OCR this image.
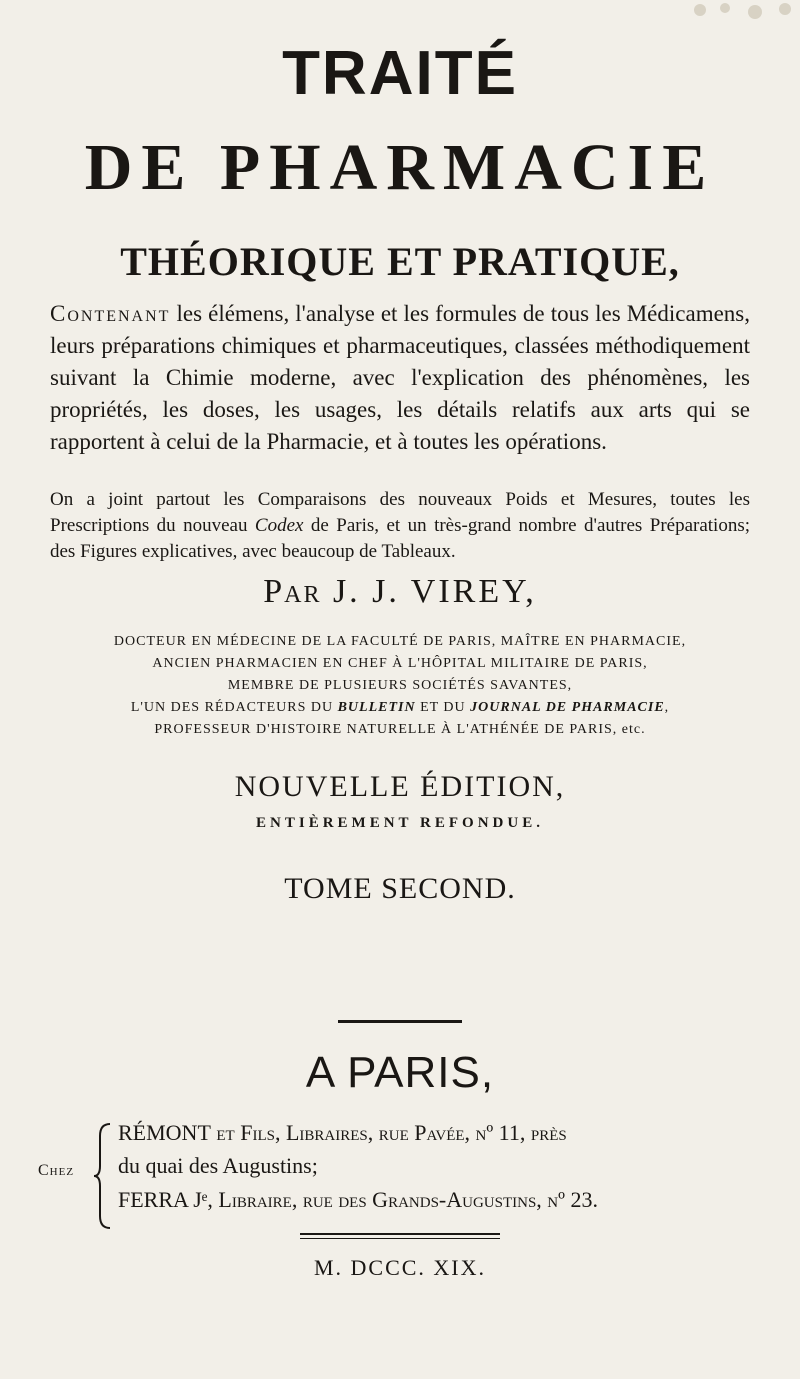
TRAITÉ
DE PHARMACIE
THÉORIQUE ET PRATIQUE,
Contenant les élémens, l'analyse et les formules de tous les Médicamens, leurs préparations chimiques et pharmaceutiques, classées méthodiquement suivant la Chimie moderne, avec l'explication des phénomènes, les propriétés, les doses, les usages, les détails relatifs aux arts qui se rapportent à celui de la Pharmacie, et à toutes les opérations.
On a joint partout les Comparaisons des nouveaux Poids et Mesures, toutes les Prescriptions du nouveau Codex de Paris, et un très-grand nombre d'autres Préparations; des Figures explicatives, avec beaucoup de Tableaux.
Par J. J. VIREY,
DOCTEUR EN MÉDECINE DE LA FACULTÉ DE PARIS, MAÎTRE EN PHARMACIE,
ANCIEN PHARMACIEN EN CHEF À L'HÔPITAL MILITAIRE DE PARIS,
MEMBRE DE PLUSIEURS SOCIÉTÉS SAVANTES,
L'UN DES RÉDACTEURS DU BULLETIN ET DU JOURNAL DE PHARMACIE,
PROFESSEUR D'HISTOIRE NATURELLE À L'ATHÉNÉE DE PARIS, etc.
NOUVELLE ÉDITION,
ENTIÈREMENT REFONDUE.
TOME SECOND.
A PARIS,
Chez
RÉMONT et Fils, Libraires, rue Pavée, nº 11, près
du quai des Augustins;
FERRA Jᵉ, Libraire, rue des Grands-Augustins, nº 23.
M. DCCC. XIX.
